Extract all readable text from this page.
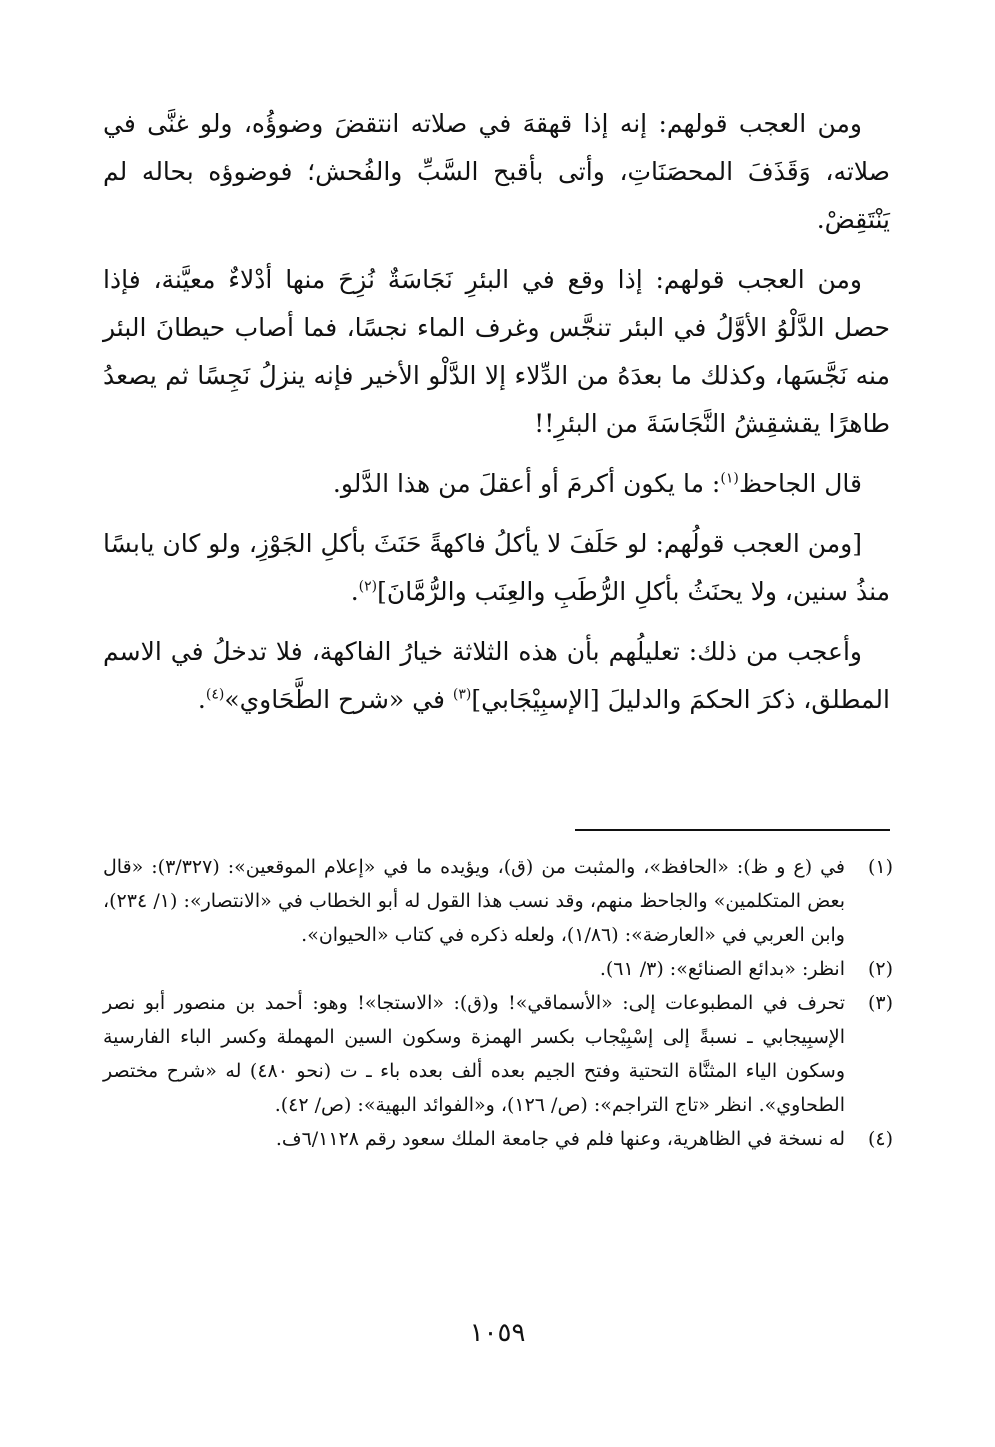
ومن العجب قولهم: إنه إذا قهقهَ في صلاته انتقضَ وضوؤُه، ولو غنَّى في صلاته، وَقَذَفَ المحصَنَاتِ، وأتى بأقبح السَّبِّ والفُحش؛ فوضوؤه بحاله لم يَنْتَقِضْ.

ومن العجب قولهم: إذا وقع في البئرِ نَجَاسَةٌ نُزِحَ منها أدْلاءٌ معيَّنة، فإذا حصل الدَّلْوُ الأوَّلُ في البئر تنجَّس وغرف الماء نجسًا، فما أصاب حيطانَ البئر منه نَجَّسَها، وكذلك ما بعدَهُ من الدِّلاء إلا الدَّلْو الأخير فإنه ينزلُ نَجِسًا ثم يصعدُ طاهرًا يقشقِشُ النَّجَاسَةَ من البئرِ!!

قال الجاحظ$^{(١)}$: ما يكون أكرمَ أو أعقلَ من هذا الدَّلو.

[ومن العجب قولُهم: لو حَلَفَ لا يأكلُ فاكهةً حَنَثَ بأكلِ الجَوْزِ، ولو كان يابسًا منذُ سنين، ولا يحنَثُ بأكلِ الرُّطَبِ والعِنَب والرُّمَّانَ]$^{(٢)}$.

وأعجب من ذلك: تعليلُهم بأن هذه الثلاثة خيارُ الفاكهة، فلا تدخلُ في الاسم المطلق، ذكرَ الحكمَ والدليلَ [الإسبِيْجَابي]$^{(٣)}$ في «شرح الطَّحَاوي»$^{(٤)}$.

(١)
في (ع و ظ): «الحافظ»، والمثبت من (ق)، ويؤيده ما في «إعلام الموقعين»: (٣/٣٢٧): «قال بعض المتكلمين» والجاحظ منهم، وقد نسب هذا القول له أبو الخطاب في «الانتصار»: (١/ ٢٣٤)، وابن العربي في «العارضة»: (١/٨٦)، ولعله ذكره في كتاب «الحيوان».
(٢)
انظر: «بدائع الصنائع»: (٣/ ٦١).
(٣)
تحرف في المطبوعات إلى: «الأسماقي»! و(ق): «الاستجا»! وهو: أحمد بن منصور أبو نصر الإسبِيجابي ـ نسبةً إلى إسْبِيْجاب بكسر الهمزة وسكون السين المهملة وكسر الباء الفارسية وسكون الياء المثنَّاة التحتية وفتح الجيم بعده ألف بعده باء ـ ت (نحو ٤٨٠) له «شرح مختصر الطحاوي». انظر «تاج التراجم»: (ص/ ١٢٦)، و«الفوائد البهية»: (ص/ ٤٢).
(٤)
له نسخة في الظاهرية، وعنها فلم في جامعة الملك سعود رقم ٦/١١٢٨ف.
١٠٥٩
